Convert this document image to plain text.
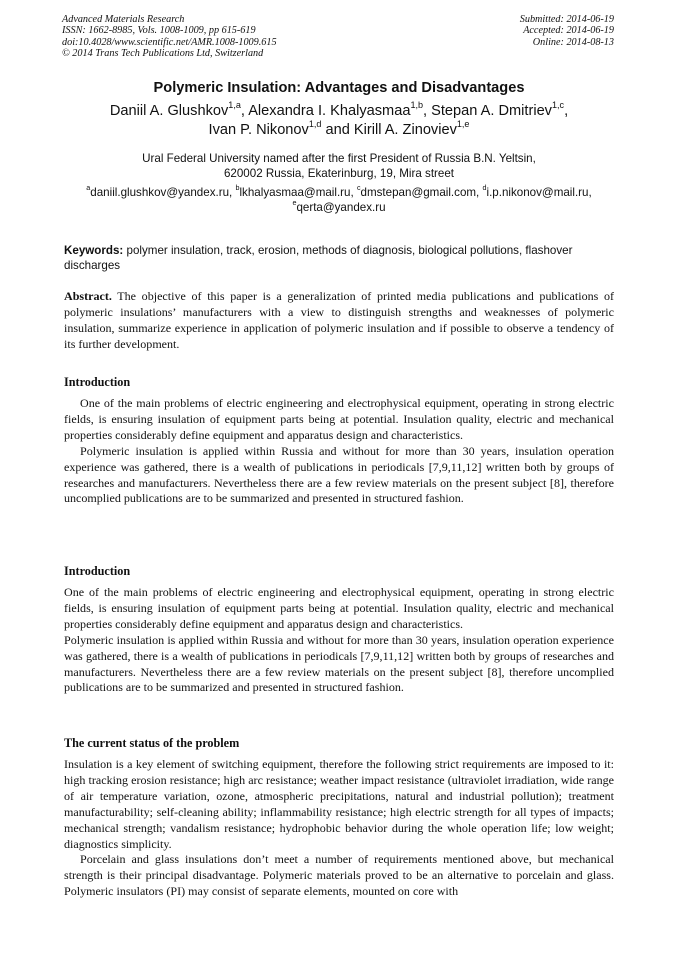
Advanced Materials Research
ISSN: 1662-8985, Vols. 1008-1009, pp 615-619
doi:10.4028/www.scientific.net/AMR.1008-1009.615
© 2014 Trans Tech Publications Ltd, Switzerland
Submitted: 2014-06-19
Accepted: 2014-06-19
Online: 2014-08-13
Polymeric Insulation: Advantages and Disadvantages
Daniil A. Glushkov$^{1,a}$, Alexandra I. Khalyasmaa$^{1,b}$, Stepan A. Dmitriev$^{1,c}$,
Ivan P. Nikonov$^{1,d}$ and Kirill A. Zinoviev$^{1,e}$
Ural Federal University named after the first President of Russia B.N. Yeltsin,
620002 Russia, Ekaterinburg, 19, Mira street
$^a$daniil.glushkov@yandex.ru, $^b$lkhalyasmaa@mail.ru, $^c$dmstepan@gmail.com, $^d$i.p.nikonov@mail.ru,
$^e$qerta@yandex.ru
Keywords: polymer insulation, track, erosion, methods of diagnosis, biological pollutions, flashover discharges

Abstract. The objective of this paper is a generalization of printed media publications and publications of polymeric insulations’ manufacturers with a view to distinguish strengths and weaknesses of polymeric insulation, summarize experience in application of polymeric insulation and if possible to observe a tendency of its further development.

Introduction

One of the main problems of electric engineering and electrophysical equipment, operating in strong electric fields, is ensuring insulation of equipment parts being at potential. Insulation quality, electric and mechanical properties considerably define equipment and apparatus design and characteristics.

Polymeric insulation is applied within Russia and without for more than 30 years, insulation operation experience was gathered, there is a wealth of publications in periodicals [7,9,11,12] written both by groups of researches and manufacturers. Nevertheless there are a few review materials on the present subject [8], therefore uncomplied publications are to be summarized and presented in structured fashion.

Introduction

One of the main problems of electric engineering and electrophysical equipment, operating in strong electric fields, is ensuring insulation of equipment parts being at potential. Insulation quality, electric and mechanical properties considerably define equipment and apparatus design and characteristics.

Polymeric insulation is applied within Russia and without for more than 30 years, insulation operation experience was gathered, there is a wealth of publications in periodicals [7,9,11,12] written both by groups of researches and manufacturers. Nevertheless there are a few review materials on the present subject [8], therefore uncomplied publications are to be summarized and presented in structured fashion.

The current status of the problem

Insulation is a key element of switching equipment, therefore the following strict requirements are imposed to it: high tracking erosion resistance; high arc resistance; weather impact resistance (ultraviolet irradiation, wide range of air temperature variation, ozone, atmospheric precipitations, natural and industrial pollution); treatment manufacturability; self-cleaning ability; inflammability resistance; high electric strength for all types of impacts; mechanical strength; vandalism resistance; hydrophobic behavior during the whole operation life; low weight; diagnostics simplicity.

Porcelain and glass insulations don’t meet a number of requirements mentioned above, but mechanical strength is their principal disadvantage. Polymeric materials proved to be an alternative to porcelain and glass. Polymeric insulators (PI) may consist of separate elements, mounted on core with
